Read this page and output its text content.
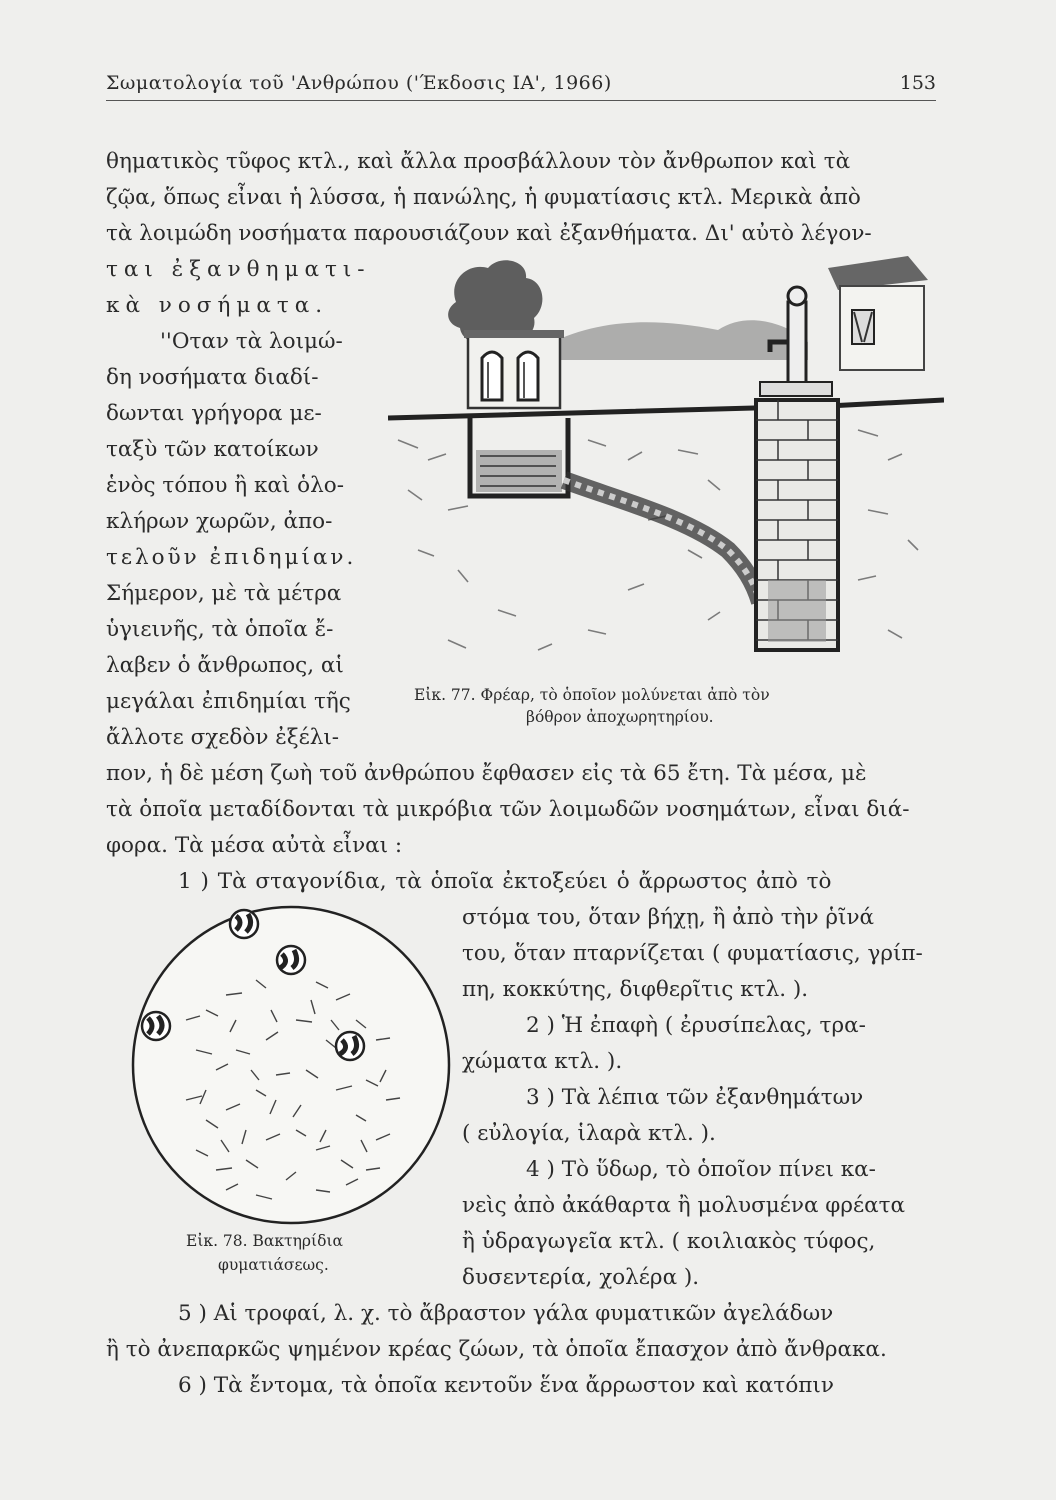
Σωματολογία τοῦ 'Ανθρώπου ('Έκδοσις ΙΑ', 1966)	153
θηματικὸς τῦφος κτλ., καὶ ἄλλα προσβάλλουν τὸν ἄνθρωπον καὶ τὰ
ζῷα, ὅπως εἶναι ἡ λύσσα, ἡ πανώλης, ἡ φυματίασις κτλ. Μερικὰ ἀπὸ
τὰ λοιμώδη νοσήματα παρουσιάζουν καὶ ἐξανθήματα. Δι' αὐτὸ λέγον-
ται ἐξανθηματι-
κὰ νοσήματα.
''Οταν τὰ λοιμώ-
δη νοσήματα διαδί-
δωνται γρήγορα με-
ταξὺ τῶν κατοίκων
ἑνὸς τόπου ἢ καὶ ὁλο-
κλήρων χωρῶν, ἀπο-
τελοῦν ἐπιδημίαν.
Σήμερον, μὲ τὰ μέτρα
ὑγιεινῆς, τὰ ὁποῖα ἔ-
λαβεν ὁ ἄνθρωπος, αἱ
μεγάλαι ἐπιδημίαι τῆς
ἄλλοτε σχεδὸν ἐξέλι-
Εἰκ. 77. Φρέαρ, τὸ ὁποῖον μολύνεται ἀπὸ τὸν
βόθρον ἀποχωρητηρίου.
πον, ἡ δὲ μέση ζωὴ τοῦ ἀνθρώπου ἔφθασεν εἰς τὰ 65 ἔτη. Τὰ μέσα, μὲ
τὰ ὁποῖα μεταδίδονται τὰ μικρόβια τῶν λοιμωδῶν νοσημάτων, εἶναι διά-
φορα. Τὰ μέσα αὐτὰ εἶναι :
1 ) Τὰ σταγονίδια, τὰ ὁποῖα ἐκτοξεύει ὁ ἄρρωστος ἀπὸ τὸ
Εἰκ. 78. Βακτηρίδια
φυματιάσεως.
στόμα του, ὅταν βήχῃ, ἢ ἀπὸ τὴν ῥῖνά
του, ὅταν πταρνίζεται ( φυματίασις, γρίπ-
πη, κοκκύτης, διφθερῖτις κτλ. ).
2 ) Ἡ ἐπαφὴ ( ἐρυσίπελας, τρα-
χώματα κτλ. ).
3 ) Τὰ λέπια τῶν ἐξανθημάτων
( εὐλογία, ἱλαρὰ κτλ. ).
4 ) Τὸ ὕδωρ, τὸ ὁποῖον πίνει κα-
νεὶς ἀπὸ ἀκάθαρτα ἢ μολυσμένα φρέατα
ἢ ὑδραγωγεῖα κτλ. ( κοιλιακὸς τύφος,
δυσεντερία, χολέρα ).
5 ) Αἱ τροφαί, λ. χ. τὸ ἄβραστον γάλα φυματικῶν ἀγελάδων
ἢ τὸ ἀνεπαρκῶς ψημένον κρέας ζώων, τὰ ὁποῖα ἔπασχον ἀπὸ ἄνθρακα.
6 ) Τὰ ἔντομα, τὰ ὁποῖα κεντοῦν ἕνα ἄρρωστον καὶ κατόπιν
